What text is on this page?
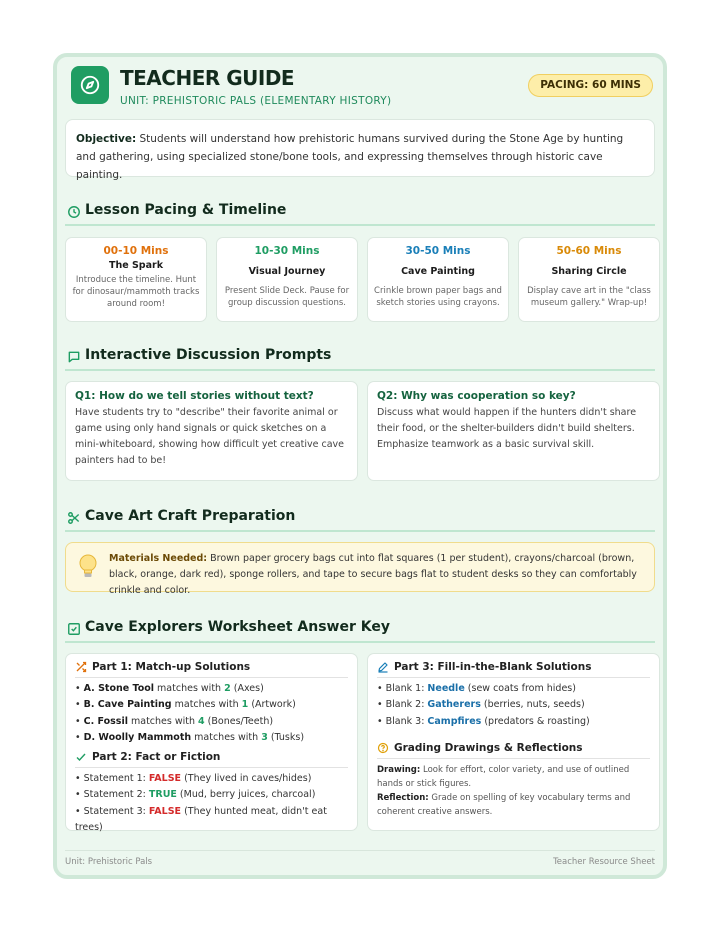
TEACHER GUIDE
UNIT: PREHISTORIC PALS (ELEMENTARY HISTORY)
PACING: 60 MINS
Objective: Students will understand how prehistoric humans survived during the Stone Age by hunting and gathering, using specialized stone/bone tools, and expressing themselves through historic cave painting.
Lesson Pacing & Timeline
00-10 Mins
The Spark
Introduce the timeline. Hunt for dinosaur/mammoth tracks around room!
10-30 Mins
Visual Journey
Present Slide Deck. Pause for group discussion questions.
30-50 Mins
Cave Painting
Crinkle brown paper bags and sketch stories using crayons.
50-60 Mins
Sharing Circle
Display cave art in the "class museum gallery." Wrap-up!
Interactive Discussion Prompts
Q1: How do we tell stories without text?
Have students try to "describe" their favorite animal or game using only hand signals or quick sketches on a mini-whiteboard, showing how difficult yet creative cave painters had to be!
Q2: Why was cooperation so key?
Discuss what would happen if the hunters didn't share their food, or the shelter-builders didn't build shelters. Emphasize teamwork as a basic survival skill.
Cave Art Craft Preparation
Materials Needed: Brown paper grocery bags cut into flat squares (1 per student), crayons/charcoal (brown, black, orange, dark red), sponge rollers, and tape to secure bags flat to student desks so they can comfortably crinkle and color.
Cave Explorers Worksheet Answer Key
Part 1: Match-up Solutions
• A. Stone Tool matches with 2 (Axes)
• B. Cave Painting matches with 1 (Artwork)
• C. Fossil matches with 4 (Bones/Teeth)
• D. Woolly Mammoth matches with 3 (Tusks)
Part 2: Fact or Fiction
• Statement 1: FALSE (They lived in caves/hides)
• Statement 2: TRUE (Mud, berry juices, charcoal)
• Statement 3: FALSE (They hunted meat, didn't eat trees)
Part 3: Fill-in-the-Blank Solutions
• Blank 1: Needle (sew coats from hides)
• Blank 2: Gatherers (berries, nuts, seeds)
• Blank 3: Campfires (predators & roasting)
Grading Drawings & Reflections
Drawing: Look for effort, color variety, and use of outlined hands or stick figures.
Reflection: Grade on spelling of key vocabulary terms and coherent creative answers.
Unit: Prehistoric Pals	Teacher Resource Sheet
